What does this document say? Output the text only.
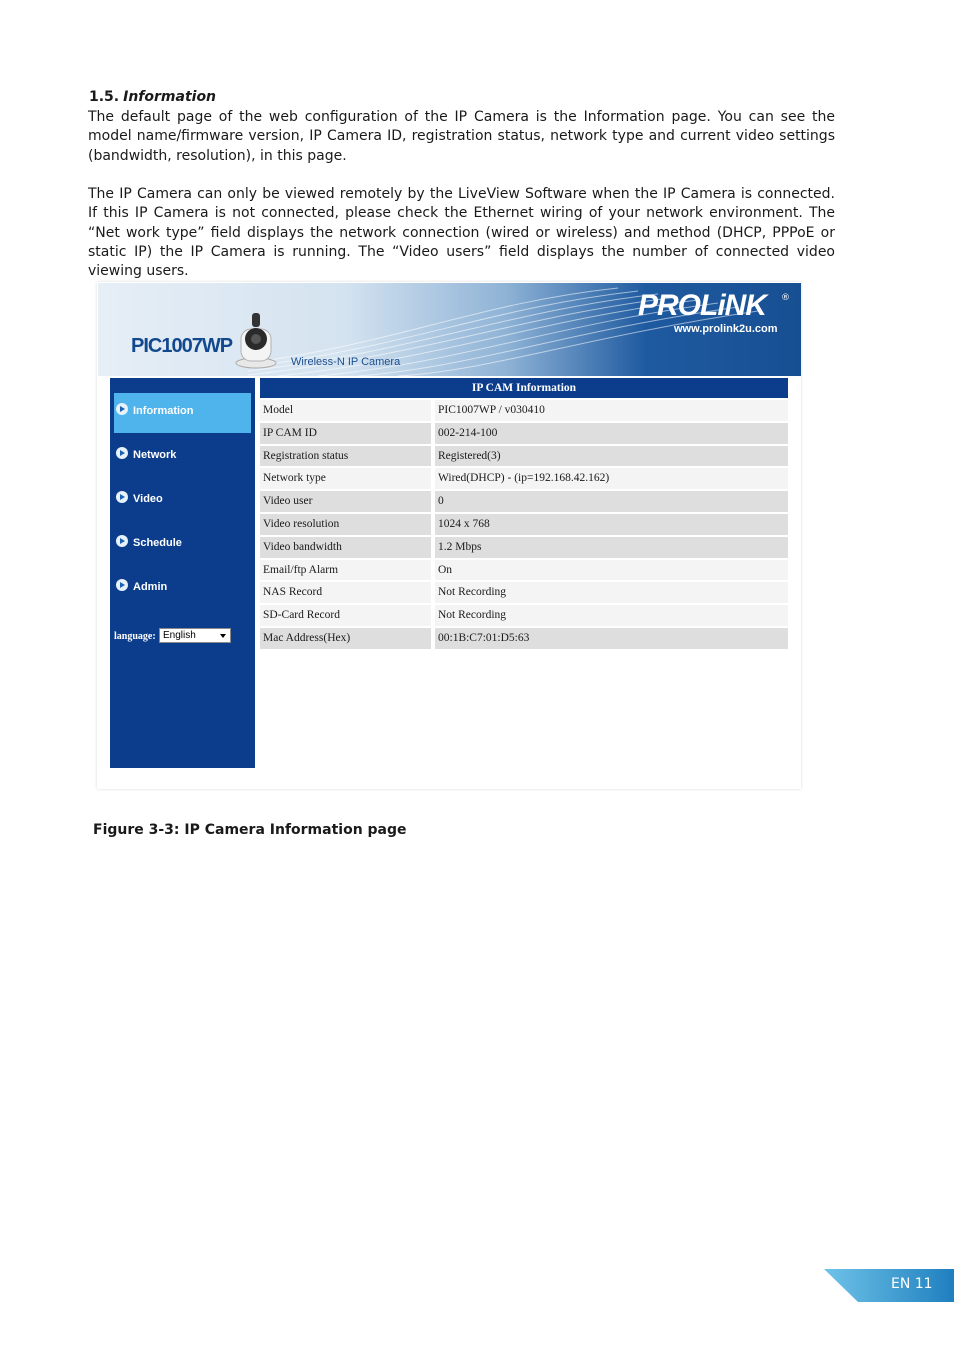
1.5. Information
The default page of the web configuration of the IP Camera is the Information page. You can see the model name/firmware version, IP Camera ID, registration status, network type and current video settings (bandwidth, resolution), in this page.
The IP Camera can only be viewed remotely by the LiveView Software when the IP Camera is connected. If this IP Camera is not connected, please check the Ethernet wiring of your network environment. The “Net work type” field displays the network connection (wired or wireless) and method (DHCP, PPPoE or static IP) the IP Camera is running. The “Video users” field displays the number of connected video viewing users.
PIC1007WP
Wireless-N IP Camera
PROLiNK ®
www.prolink2u.com
Information
Network
Video
Schedule
Admin
language: English
IP CAM Information
Model	PIC1007WP / v030410
IP CAM ID	002-214-100
Registration status	Registered(3)
Network type	Wired(DHCP) - (ip=192.168.42.162)
Video user	0
Video resolution	1024 x 768
Video bandwidth	1.2 Mbps
Email/ftp Alarm	On
NAS Record	Not Recording
SD-Card Record	Not Recording
Mac Address(Hex)	00:1B:C7:01:D5:63
Figure 3-3: IP Camera Information page
EN 11
